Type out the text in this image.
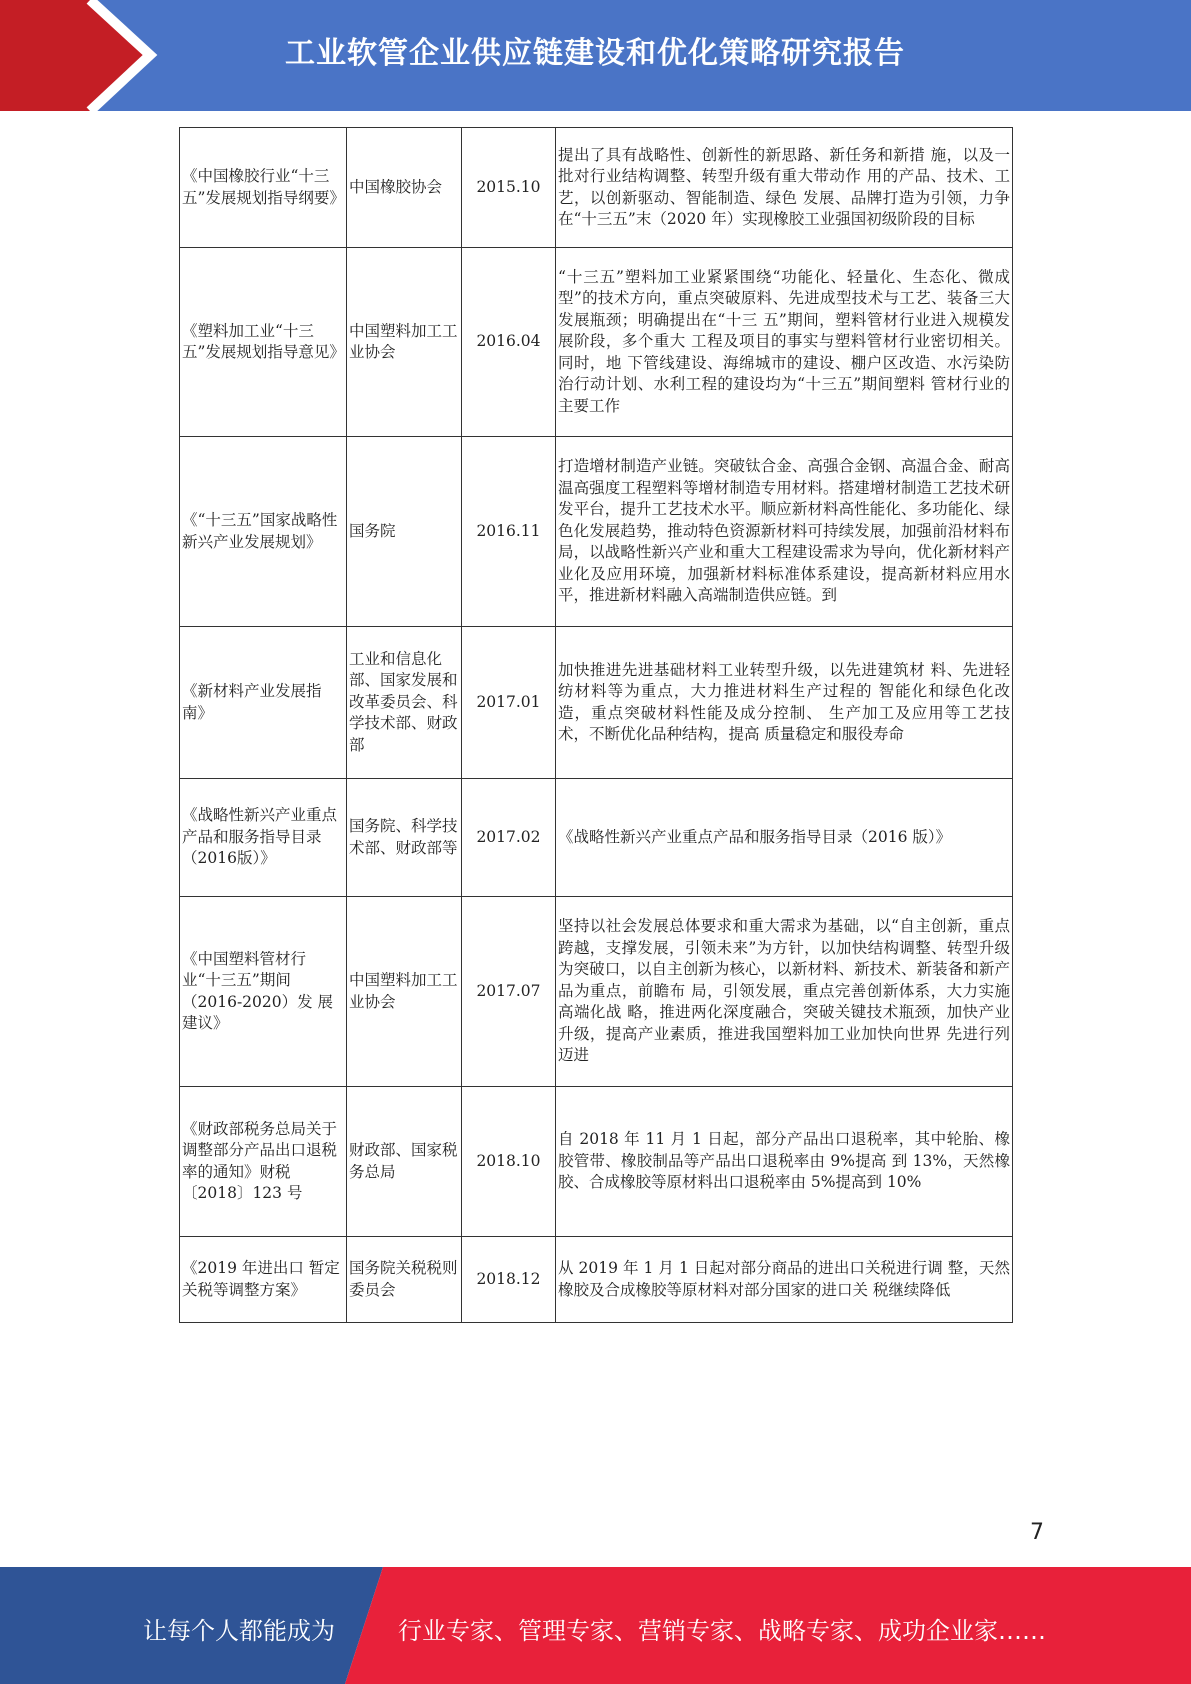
工业软管企业供应链建设和优化策略研究报告
《中国橡胶行业“十三五”发展规划指导纲要》	中国橡胶协会	2015.10	提出了具有战略性、创新性的新思路、新任务和新措 施，以及一批对行业结构调整、转型升级有重大带动作 用的产品、技术、工艺，以创新驱动、智能制造、绿色 发展、品牌打造为引领，力争在“十三五”末（2020 年）实现橡胶工业强国初级阶段的目标
《塑料加工业“十三五”发展规划指导意见》	中国塑料加工工业协会	2016.04	“十三五”塑料加工业紧紧围绕“功能化、轻量化、生态化、微成型”的技术方向，重点突破原料、先进成型技术与工艺、装备三大发展瓶颈；明确提出在“十三 五”期间，塑料管材行业进入规模发展阶段，多个重大 工程及项目的事实与塑料管材行业密切相关。同时，地 下管线建设、海绵城市的建设、棚户区改造、水污染防 治行动计划、水利工程的建设均为“十三五”期间塑料 管材行业的主要工作
《“十三五”国家战略性新兴产业发展规划》	国务院	2016.11	打造增材制造产业链。突破钛合金、高强合金钢、高温合金、耐高温高强度工程塑料等增材制造专用材料。搭建增材制造工艺技术研发平台，提升工艺技术水平。顺应新材料高性能化、多功能化、绿色化发展趋势，推动特色资源新材料可持续发展，加强前沿材料布局，以战略性新兴产业和重大工程建设需求为导向，优化新材料产业化及应用环境，加强新材料标准体系建设，提高新材料应用水平，推进新材料融入高端制造供应链。到
《新材料产业发展指南》	工业和信息化部、国家发展和改革委员会、科学技术部、财政部	2017.01	加快推进先进基础材料工业转型升级，以先进建筑材 料、先进轻纺材料等为重点，大力推进材料生产过程的 智能化和绿色化改造，重点突破材料性能及成分控制、 生产加工及应用等工艺技术，不断优化品种结构，提高 质量稳定和服役寿命
《战略性新兴产业重点产品和服务指导目录（2016版）》	国务院、科学技术部、财政部等	2017.02	《战略性新兴产业重点产品和服务指导目录（2016 版）》
《中国塑料管材行业“十三五”期间（2016-2020）发 展建议》	中国塑料加工工业协会	2017.07	坚持以社会发展总体要求和重大需求为基础，以“自主创新，重点跨越，支撑发展，引领未来”为方针，以加快结构调整、转型升级为突破口，以自主创新为核心，以新材料、新技术、新装备和新产品为重点，前瞻布 局，引领发展，重点完善创新体系，大力实施高端化战 略，推进两化深度融合，突破关键技术瓶颈，加快产业 升级，提高产业素质，推进我国塑料加工业加快向世界 先进行列迈进
《财政部税务总局关于调整部分产品出口退税率的通知》财税〔2018〕123 号	财政部、国家税务总局	2018.10	自 2018 年 11 月 1 日起，部分产品出口退税率，其中轮胎、橡胶管带、橡胶制品等产品出口退税率由 9%提高 到 13%，天然橡胶、合成橡胶等原材料出口退税率由 5%提高到 10%
《2019 年进出口 暂定关税等调整方案》	国务院关税税则委员会	2018.12	从 2019 年 1 月 1 日起对部分商品的进出口关税进行调 整，天然橡胶及合成橡胶等原材料对部分国家的进口关 税继续降低
7
让每个人都能成为	行业专家、管理专家、营销专家、战略专家、成功企业家……
